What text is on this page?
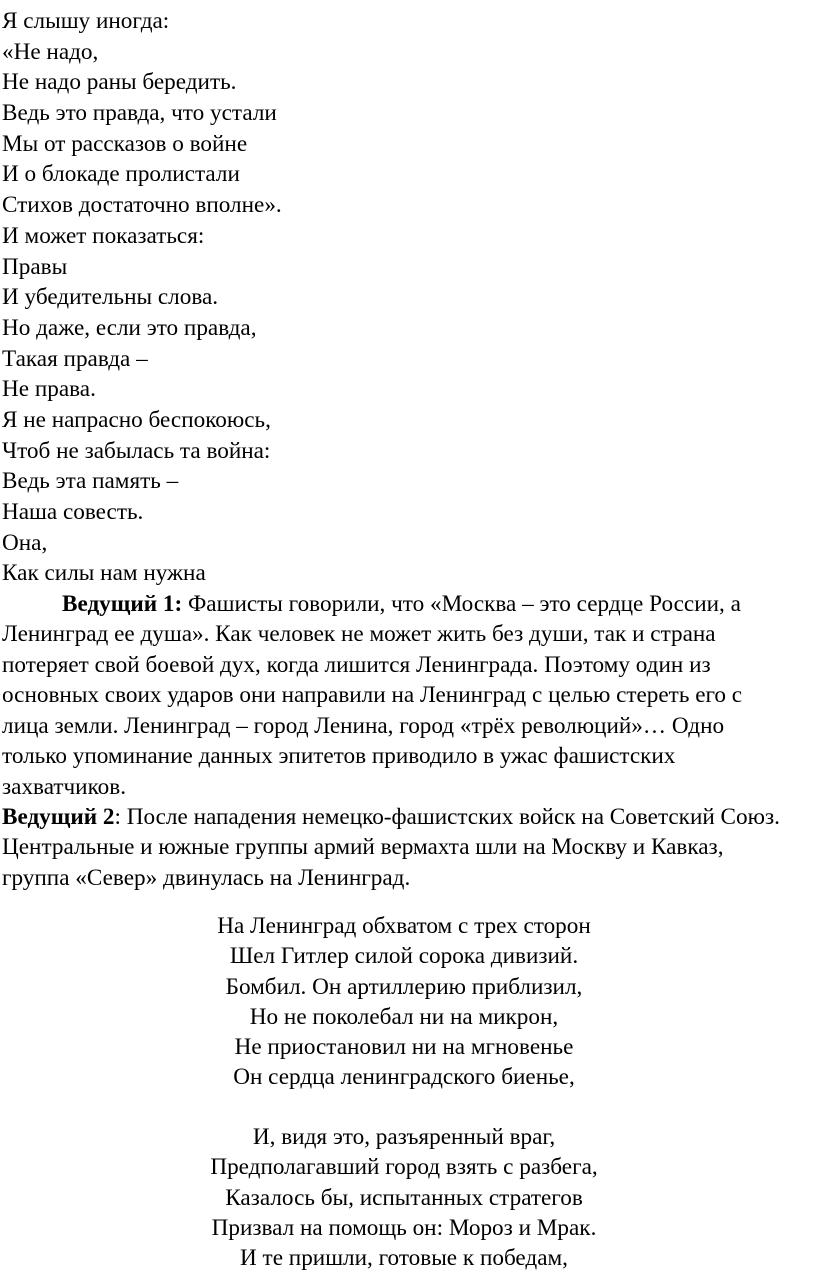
Я слышу иногда:
«Не надо,
Не надо раны бередить.
Ведь это правда, что устали
Мы от рассказов о войне
И о блокаде пролистали
Стихов достаточно вполне».
И может показаться:
Правы
И убедительны слова.
Но даже, если это правда,
Такая правда –
Не права.
Я не напрасно беспокоюсь,
Чтоб не забылась та война:
Ведь эта память –
Наша совесть.
Она,
Как силы нам нужна

Ведущий 1: Фашисты говорили, что «Москва – это сердце России, а Ленинград ее душа». Как человек не может жить без души, так и страна потеряет свой боевой дух, когда лишится Ленинграда. Поэтому один из основных своих ударов они направили на Ленинград с целью стереть его с лица земли. Ленинград – город Ленина, город «трёх революций»… Одно только упоминание данных эпитетов приводило в ужас фашистских захватчиков.

Ведущий 2: После нападения немецко-фашистских войск на Советский Союз. Центральные и южные группы армий вермахта шли на Москву и Кавказ, группа «Север» двинулась на Ленинград.

На Ленинград обхватом с трех сторон
Шел Гитлер силой сорока дивизий.
Бомбил. Он артиллерию приблизил,
Но не поколебал ни на микрон,
Не приостановил ни на мгновенье
Он сердца ленинградского биенье,
И, видя это, разъяренный враг,
Предполагавший город взять с разбега,
Казалось бы, испытанных стратегов
Призвал на помощь он: Мороз и Мрак.
И те пришли, готовые к победам,
